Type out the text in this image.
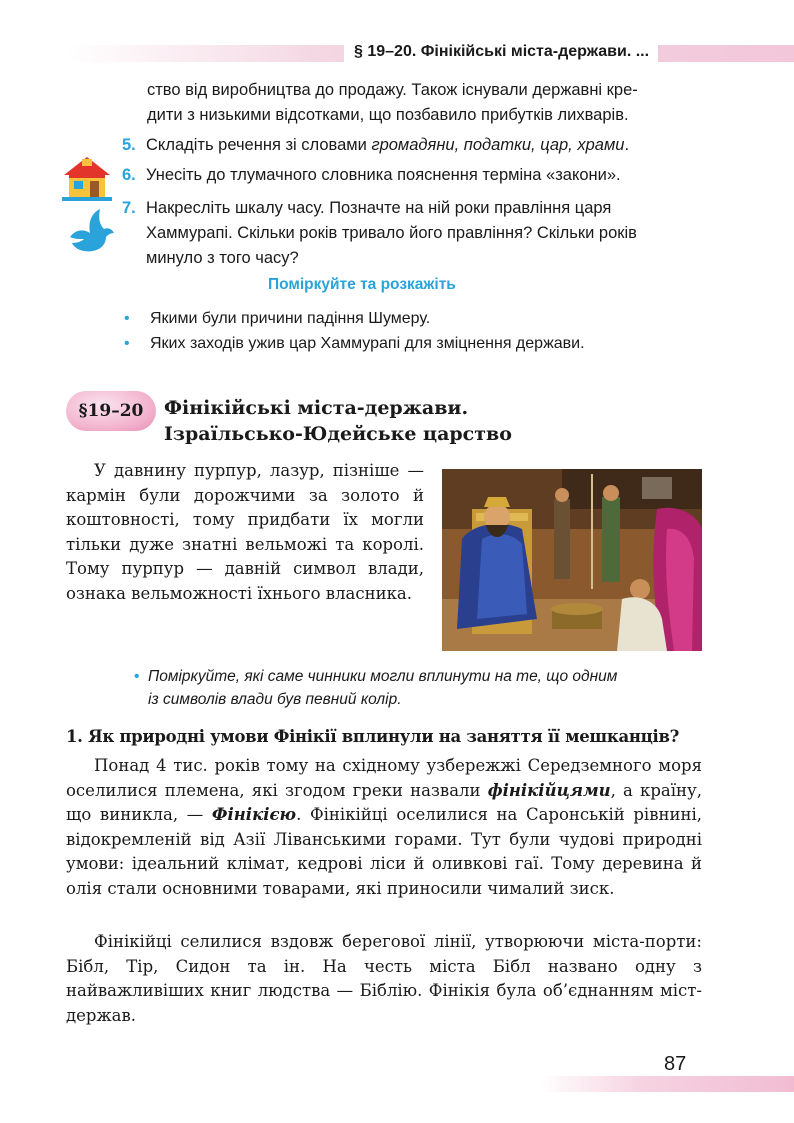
§ 19–20. Фінікійські міста-держави. ...
ство від виробництва до продажу. Також існували державні кре-
дити з низькими відсотками, що позбавило прибутків лихварів.
5. Складіть речення зі словами громадяни, податки, цар, храми.
6. Унесіть до тлумачного словника пояснення терміна «закони».
7. Накресліть шкалу часу. Позначте на ній роки правління царя
Хаммурапі. Скільки років тривало його правління? Скільки років
минуло з того часу?
Поміркуйте та розкажіть
• Якими були причини падіння Шумеру.
• Яких заходів ужив цар Хаммурапі для зміцнення держави.
§19–20	Фінікійські міста-держави.
Ізраїльсько-Юдейське царство
У давнину пурпур, лазур, пізніше — кармін були дорожчими за золото й коштовності, тому придбати їх могли тільки дуже знатні вельможі та королі. Тому пурпур — давній символ влади, ознака вельможності їхнього власника.
• Поміркуйте, які саме чинники могли вплинути на те, що одним
із символів влади був певний колір.
1. Як природні умови Фінікії вплинули на заняття її мешканців?
Понад 4 тис. років тому на східному узбережжі Середземного моря оселилися племена, які згодом греки назвали фінікійцями, а країну, що виникла, — Фінікією. Фінікійці оселилися на Саронській рівнині, відокремленій від Азії Ліванськими горами. Тут були чудові природні умови: ідеальний клімат, кедрові ліси й оливкові гаї. Тому деревина й олія стали основними товарами, які приносили чималий зиск.
Фінікійці селилися вздовж берегової лінії, утворюючи міста-порти: Бібл, Тір, Сидон та ін. На честь міста Бібл названо одну з найважливіших книг людства — Біблію. Фінікія була об’єднанням міст-держав.
87
